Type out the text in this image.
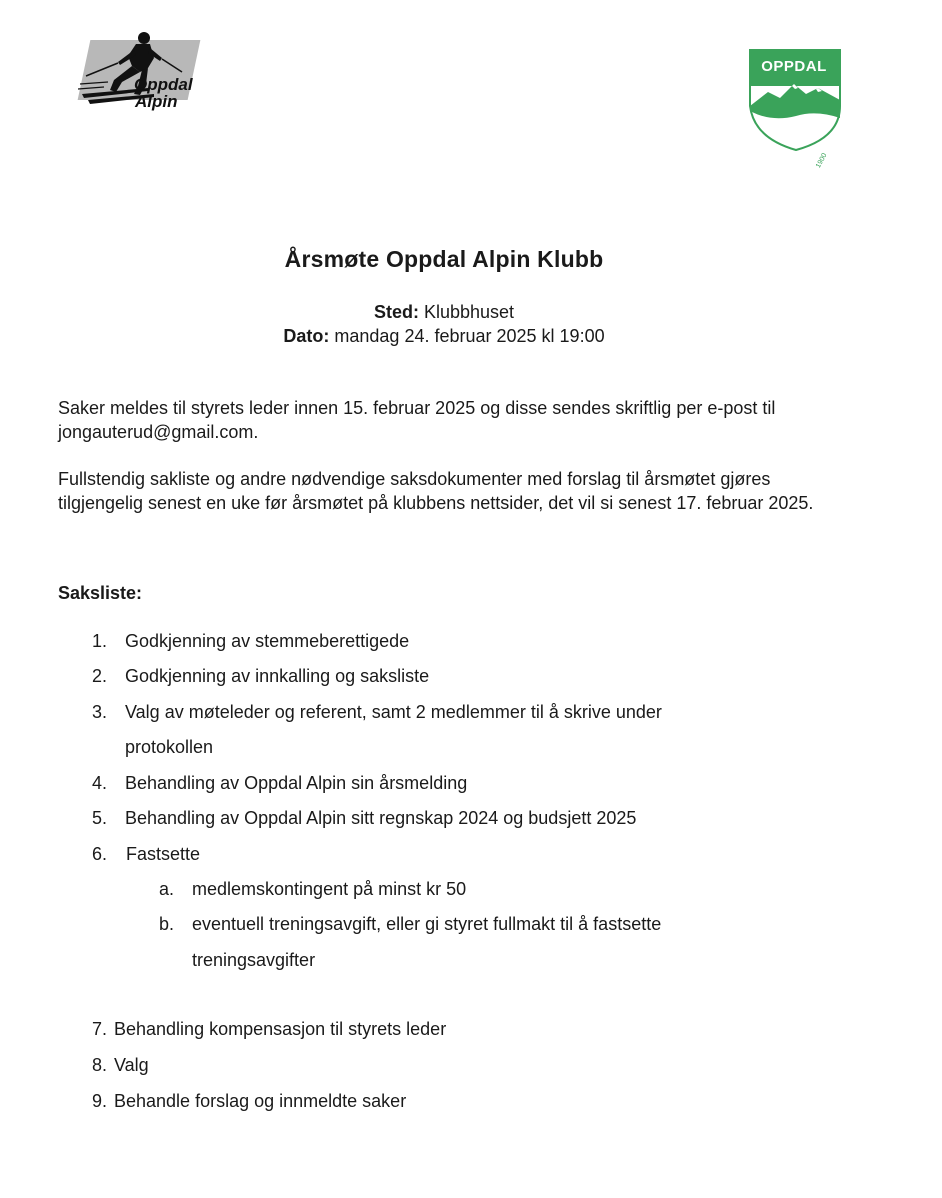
Oppdal
Alpin
OPPDAL
1900
Årsmøte Oppdal Alpin Klubb
Sted: Klubbhuset
Dato: mandag 24. februar 2025 kl 19:00

Saker meldes til styrets leder innen 15. februar 2025 og disse sendes skriftlig per e-post til jongauterud@gmail.com.

Fullstendig sakliste og andre nødvendige saksdokumenter med forslag til årsmøtet gjøres tilgjengelig senest en uke før årsmøtet på klubbens nettsider, det vil si senest 17. februar 2025.

Saksliste:

1. Godkjenning av stemmeberettigede
2. Godkjenning av innkalling og saksliste
3. Valg av møteleder og referent, samt 2 medlemmer til å skrive under
protokollen
4. Behandling av Oppdal Alpin sin årsmelding
5. Behandling av Oppdal Alpin sitt regnskap 2024 og budsjett 2025
6. Fastsette
a. medlemskontingent på minst kr 50
b. eventuell treningsavgift, eller gi styret fullmakt til å fastsette
treningsavgifter
7. Behandling kompensasjon til styrets leder
8. Valg
9. Behandle forslag og innmeldte saker
